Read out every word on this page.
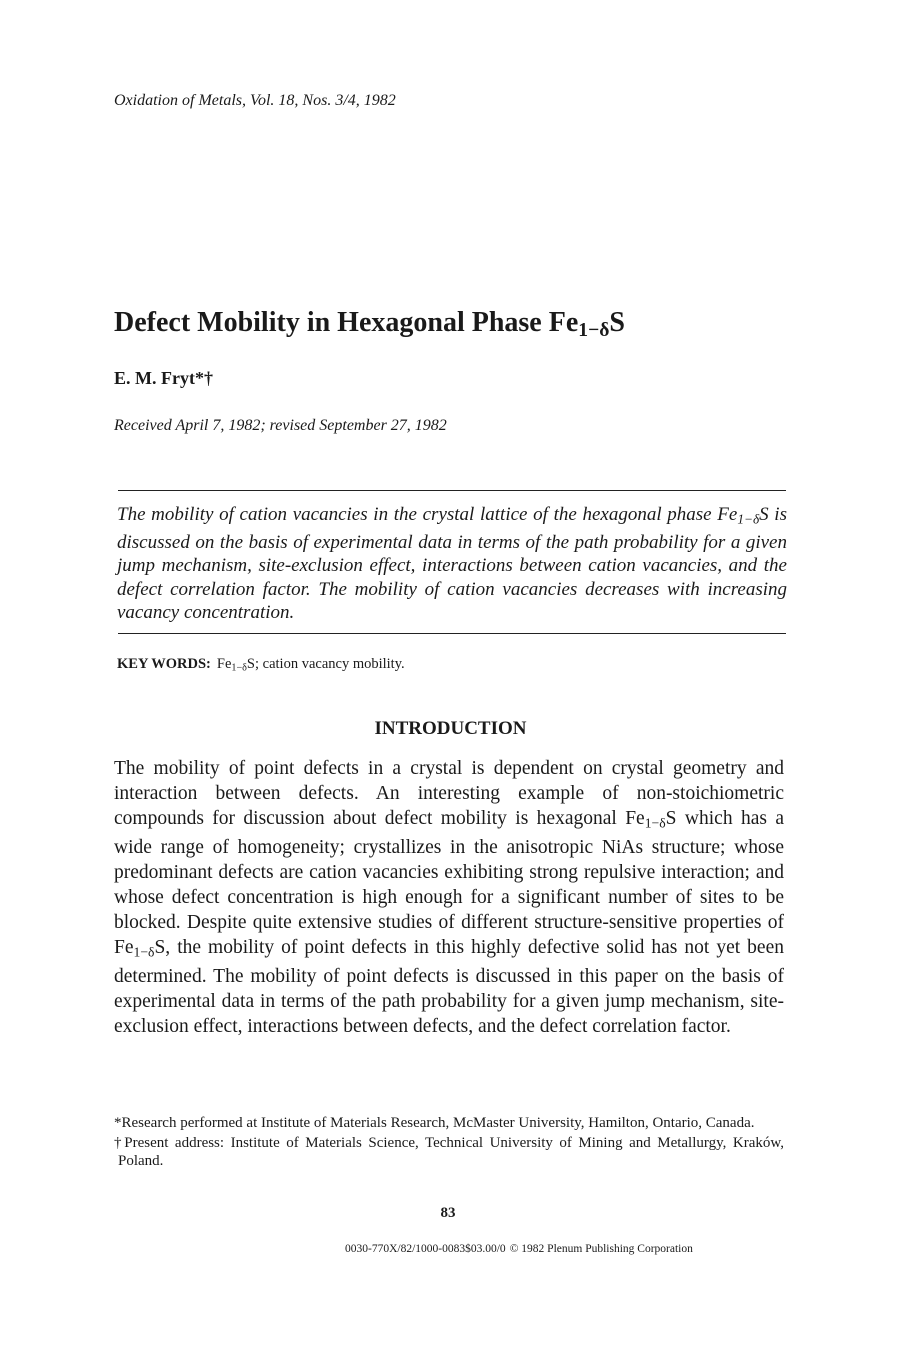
Oxidation of Metals, Vol. 18, Nos. 3/4, 1982
Defect Mobility in Hexagonal Phase $Fe_{1-\delta}S$
E. M. Fryt*†
Received April 7, 1982; revised September 27, 1982
The mobility of cation vacancies in the crystal lattice of the hexagonal phase $Fe_{1-\delta}S$ is discussed on the basis of experimental data in terms of the path probability for a given jump mechanism, site-exclusion effect, interactions between cation vacancies, and the defect correlation factor. The mobility of cation vacancies decreases with increasing vacancy concentration.
KEY WORDS: $Fe_{1-\delta}S$; cation vacancy mobility.
INTRODUCTION
The mobility of point defects in a crystal is dependent on crystal geometry and interaction between defects. An interesting example of non-stoichiometric compounds for discussion about defect mobility is hexagonal $Fe_{1-\delta}S$ which has a wide range of homogeneity; crystallizes in the anisotropic NiAs structure; whose predominant defects are cation vacancies exhibiting strong repulsive interaction; and whose defect concentration is high enough for a significant number of sites to be blocked. Despite quite extensive studies of different structure-sensitive properties of $Fe_{1-\delta}S$, the mobility of point defects in this highly defective solid has not yet been determined. The mobility of point defects is discussed in this paper on the basis of experimental data in terms of the path probability for a given jump mechanism, site-exclusion effect, interactions between defects, and the defect correlation factor.
*Research performed at Institute of Materials Research, McMaster University, Hamilton, Ontario, Canada.
†Present address: Institute of Materials Science, Technical University of Mining and Metallurgy, Kraków, Poland.
83
0030-770X/82/1000-0083$03.00/0 © 1982 Plenum Publishing Corporation
